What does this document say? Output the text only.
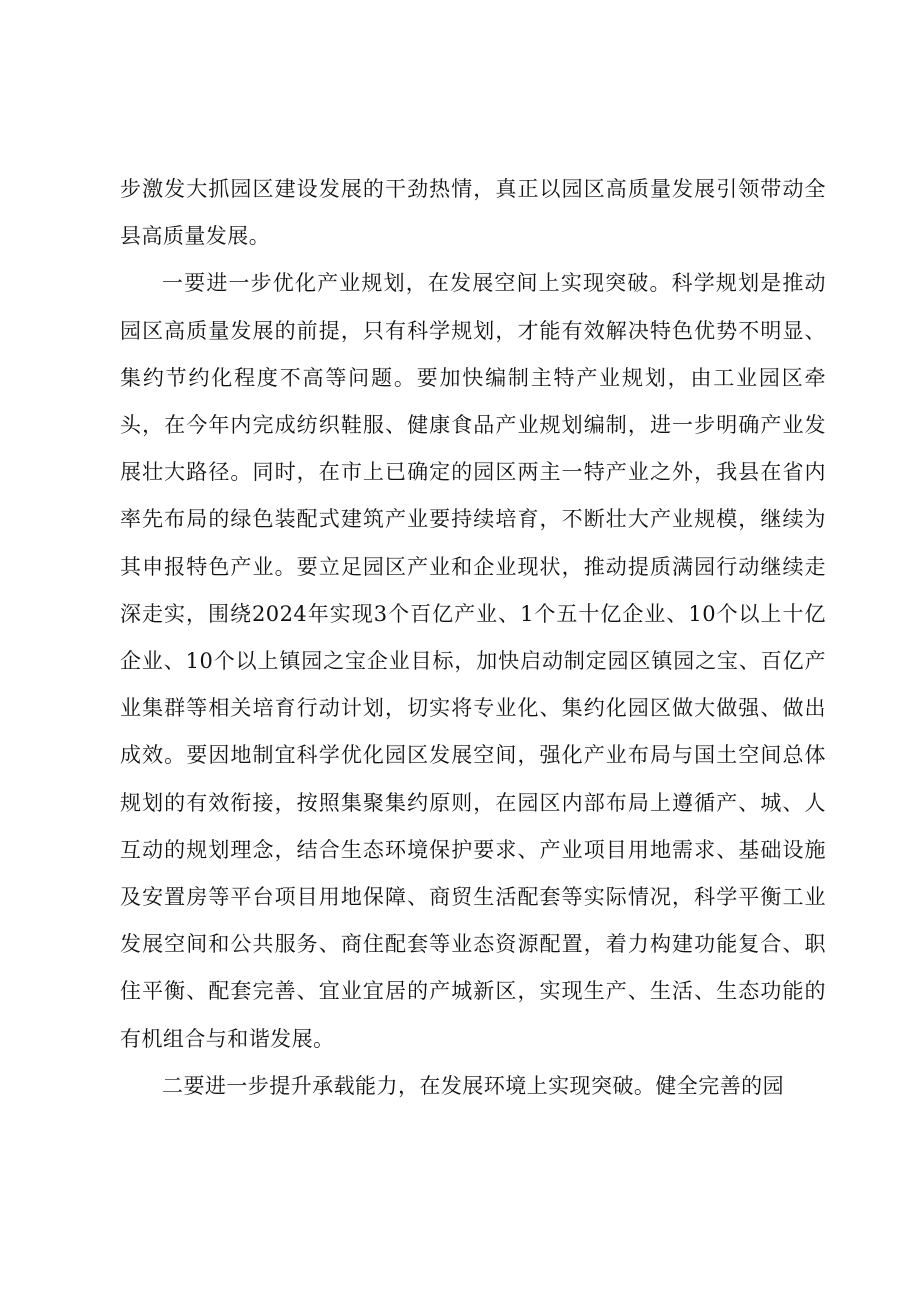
步激发大抓园区建设发展的干劲热情，真正以园区高质量发展引领带动全县高质量发展。

一要进一步优化产业规划，在发展空间上实现突破。科学规划是推动园区高质量发展的前提，只有科学规划，才能有效解决特色优势不明显、集约节约化程度不高等问题。要加快编制主特产业规划，由工业园区牵头，在今年内完成纺织鞋服、健康食品产业规划编制，进一步明确产业发展壮大路径。同时，在市上已确定的园区两主一特产业之外，我县在省内率先布局的绿色装配式建筑产业要持续培育，不断壮大产业规模，继续为其申报特色产业。要立足园区产业和企业现状，推动提质满园行动继续走深走实，围绕2024年实现3个百亿产业、1个五十亿企业、10个以上十亿企业、10个以上镇园之宝企业目标，加快启动制定园区镇园之宝、百亿产业集群等相关培育行动计划，切实将专业化、集约化园区做大做强、做出成效。要因地制宜科学优化园区发展空间，强化产业布局与国土空间总体规划的有效衔接，按照集聚集约原则，在园区内部布局上遵循产、城、人互动的规划理念，结合生态环境保护要求、产业项目用地需求、基础设施及安置房等平台项目用地保障、商贸生活配套等实际情况，科学平衡工业发展空间和公共服务、商住配套等业态资源配置，着力构建功能复合、职住平衡、配套完善、宜业宜居的产城新区，实现生产、生活、生态功能的有机组合与和谐发展。

二要进一步提升承载能力，在发展环境上实现突破。健全完善的园
